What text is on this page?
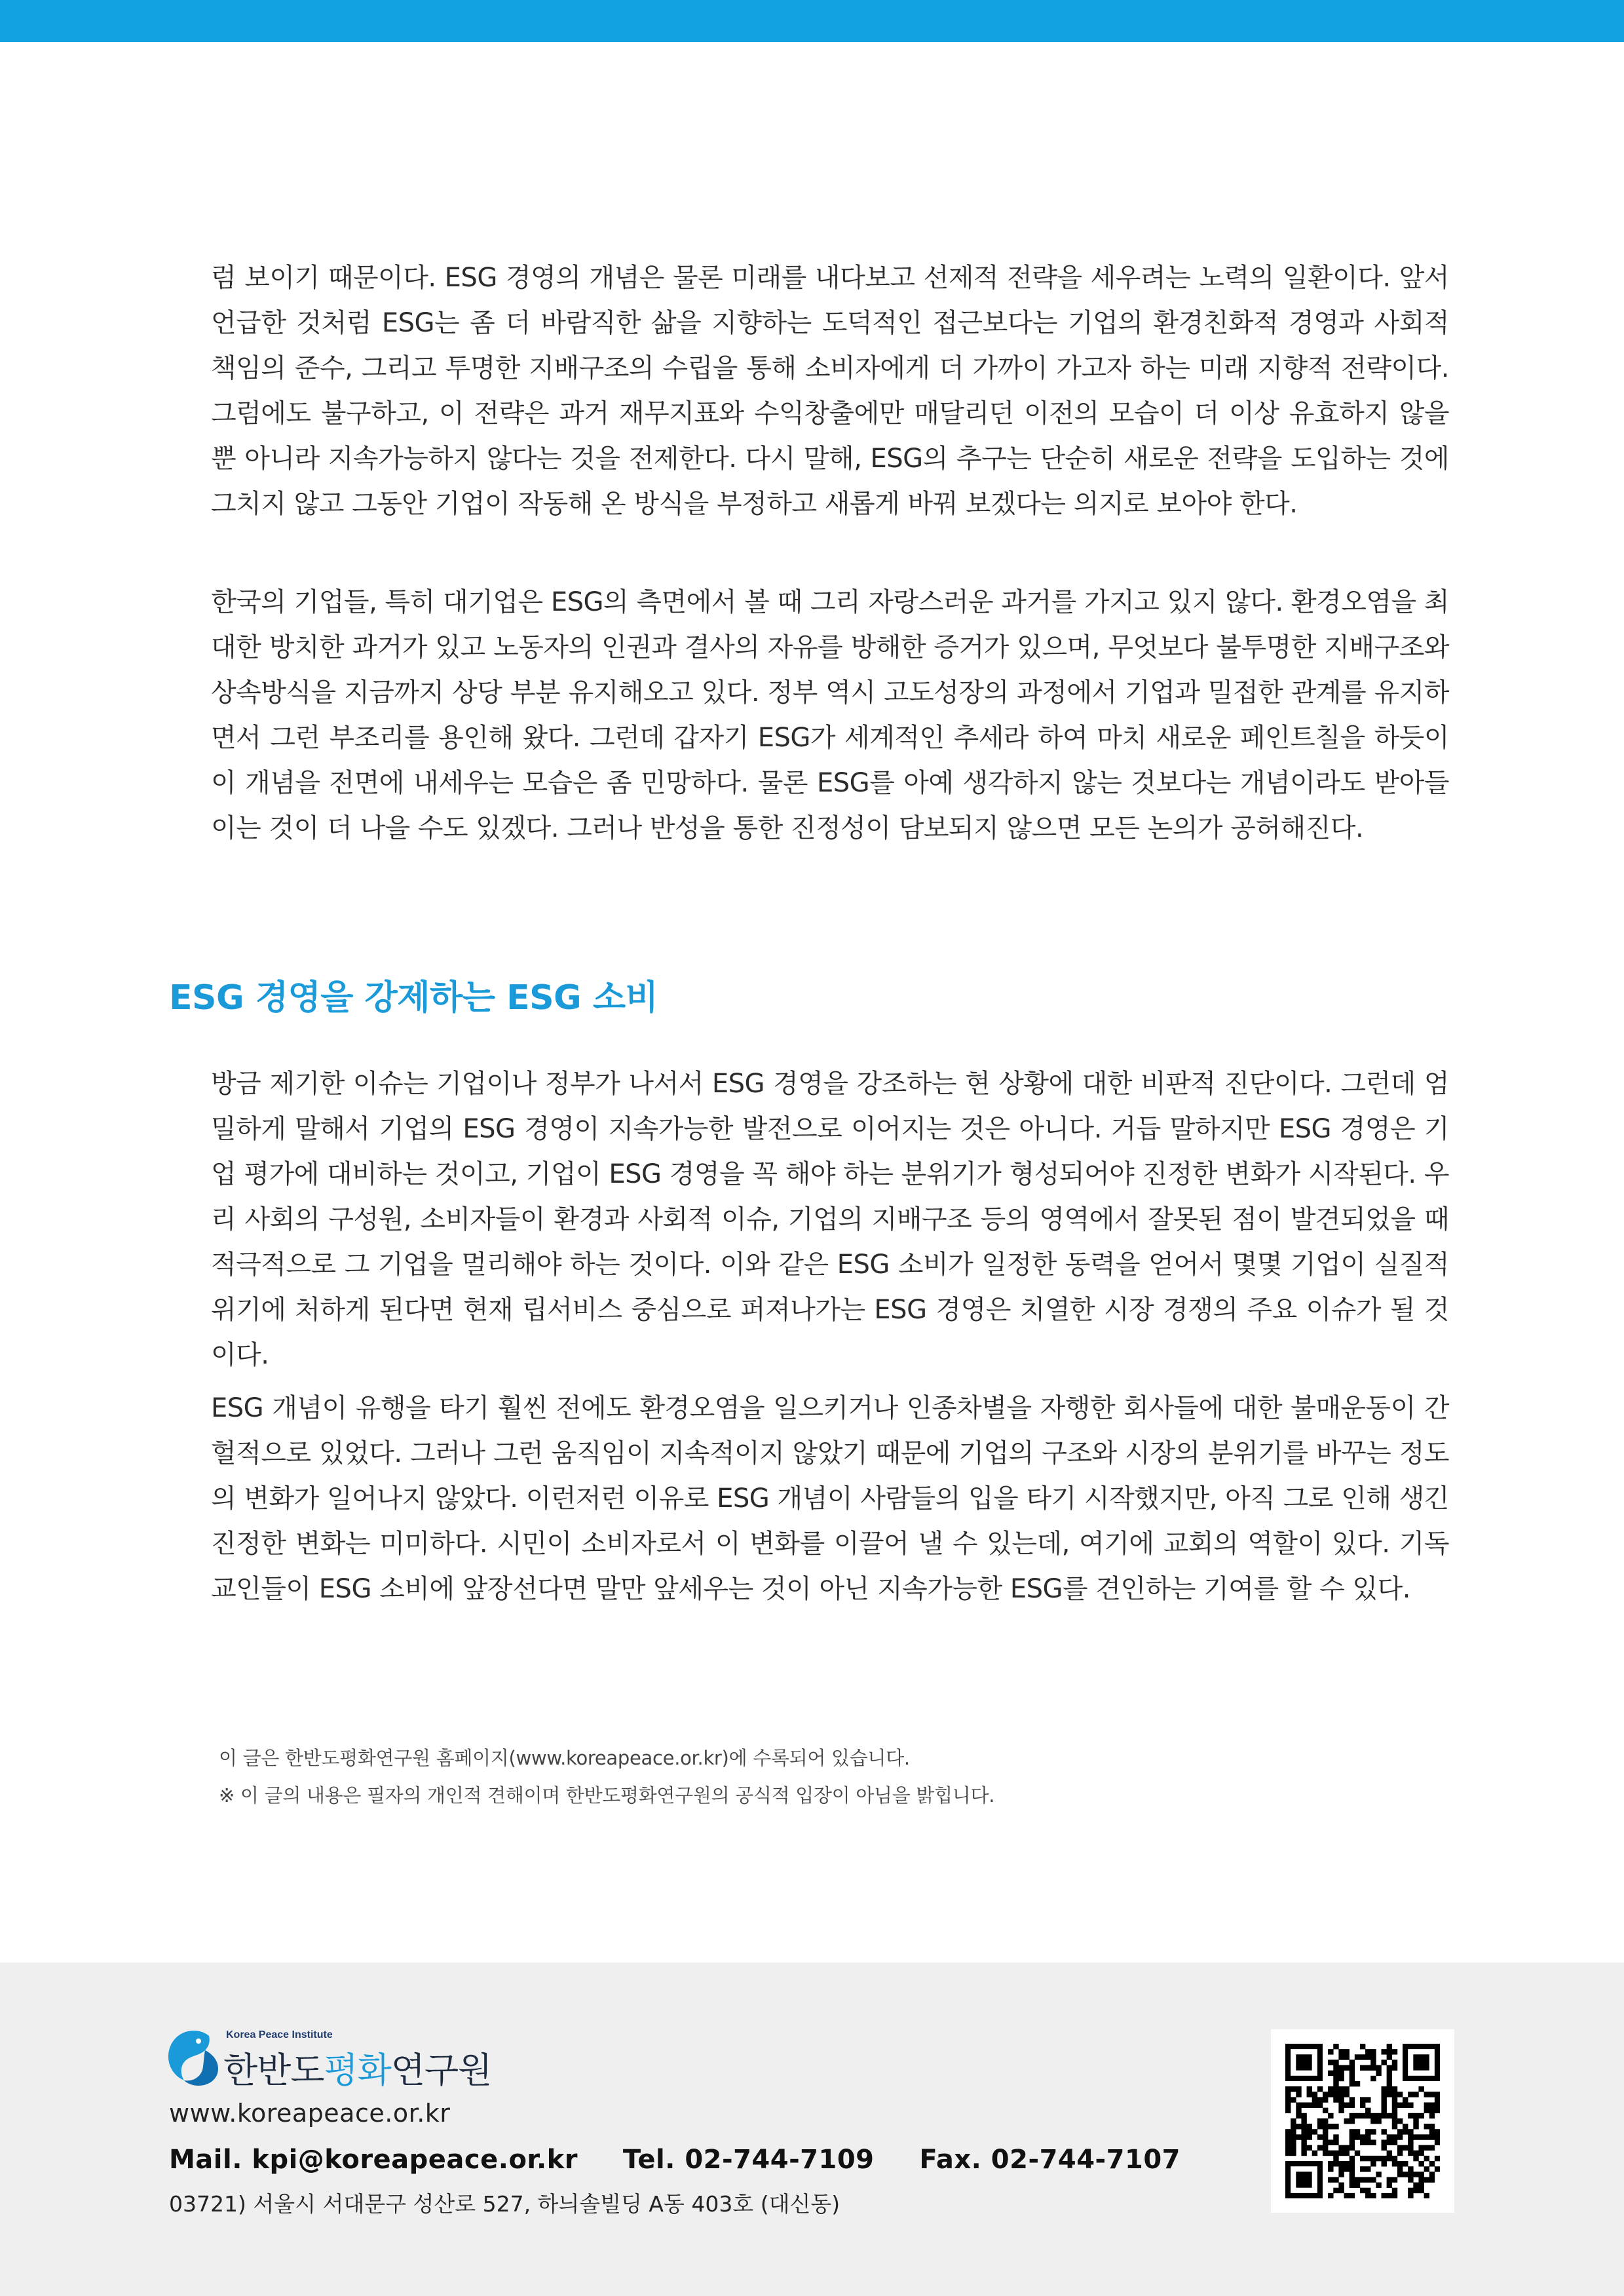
럼 보이기 때문이다. ESG 경영의 개념은 물론 미래를 내다보고 선제적 전략을 세우려는 노력의 일환이다. 앞서 언급한 것처럼 ESG는 좀 더 바람직한 삶을 지향하는 도덕적인 접근보다는 기업의 환경친화적 경영과 사회적 책임의 준수, 그리고 투명한 지배구조의 수립을 통해 소비자에게 더 가까이 가고자 하는 미래 지향적 전략이다. 그럼에도 불구하고, 이 전략은 과거 재무지표와 수익창출에만 매달리던 이전의 모습이 더 이상 유효하지 않을 뿐 아니라 지속가능하지 않다는 것을 전제한다. 다시 말해, ESG의 추구는 단순히 새로운 전략을 도입하는 것에 그치지 않고 그동안 기업이 작동해 온 방식을 부정하고 새롭게 바꿔 보겠다는 의지로 보아야 한다.

한국의 기업들, 특히 대기업은 ESG의 측면에서 볼 때 그리 자랑스러운 과거를 가지고 있지 않다. 환경오염을 최대한 방치한 과거가 있고 노동자의 인권과 결사의 자유를 방해한 증거가 있으며, 무엇보다 불투명한 지배구조와 상속방식을 지금까지 상당 부분 유지해오고 있다. 정부 역시 고도성장의 과정에서 기업과 밀접한 관계를 유지하면서 그런 부조리를 용인해 왔다. 그런데 갑자기 ESG가 세계적인 추세라 하여 마치 새로운 페인트칠을 하듯이 이 개념을 전면에 내세우는 모습은 좀 민망하다. 물론 ESG를 아예 생각하지 않는 것보다는 개념이라도 받아들이는 것이 더 나을 수도 있겠다. 그러나 반성을 통한 진정성이 담보되지 않으면 모든 논의가 공허해진다.

ESG 경영을 강제하는 ESG 소비

방금 제기한 이슈는 기업이나 정부가 나서서 ESG 경영을 강조하는 현 상황에 대한 비판적 진단이다. 그런데 엄밀하게 말해서 기업의 ESG 경영이 지속가능한 발전으로 이어지는 것은 아니다. 거듭 말하지만 ESG 경영은 기업 평가에 대비하는 것이고, 기업이 ESG 경영을 꼭 해야 하는 분위기가 형성되어야 진정한 변화가 시작된다. 우리 사회의 구성원, 소비자들이 환경과 사회적 이슈, 기업의 지배구조 등의 영역에서 잘못된 점이 발견되었을 때 적극적으로 그 기업을 멀리해야 하는 것이다. 이와 같은 ESG 소비가 일정한 동력을 얻어서 몇몇 기업이 실질적 위기에 처하게 된다면 현재 립서비스 중심으로 퍼져나가는 ESG 경영은 치열한 시장 경쟁의 주요 이슈가 될 것이다.

ESG 개념이 유행을 타기 훨씬 전에도 환경오염을 일으키거나 인종차별을 자행한 회사들에 대한 불매운동이 간헐적으로 있었다. 그러나 그런 움직임이 지속적이지 않았기 때문에 기업의 구조와 시장의 분위기를 바꾸는 정도의 변화가 일어나지 않았다. 이런저런 이유로 ESG 개념이 사람들의 입을 타기 시작했지만, 아직 그로 인해 생긴 진정한 변화는 미미하다. 시민이 소비자로서 이 변화를 이끌어 낼 수 있는데, 여기에 교회의 역할이 있다. 기독교인들이 ESG 소비에 앞장선다면 말만 앞세우는 것이 아닌 지속가능한 ESG를 견인하는 기여를 할 수 있다.

이 글은 한반도평화연구원 홈페이지(www.koreapeace.or.kr)에 수록되어 있습니다.
※ 이 글의 내용은 필자의 개인적 견해이며 한반도평화연구원의 공식적 입장이 아님을 밝힙니다.
Korea Peace Institute
한반도평화연구원
www.koreapeace.or.kr
Mail. kpi@koreapeace.or.kr Tel. 02-744-7109 Fax. 02-744-7107
03721) 서울시 서대문구 성산로 527, 하늬솔빌딩 A동 403호 (대신동)
